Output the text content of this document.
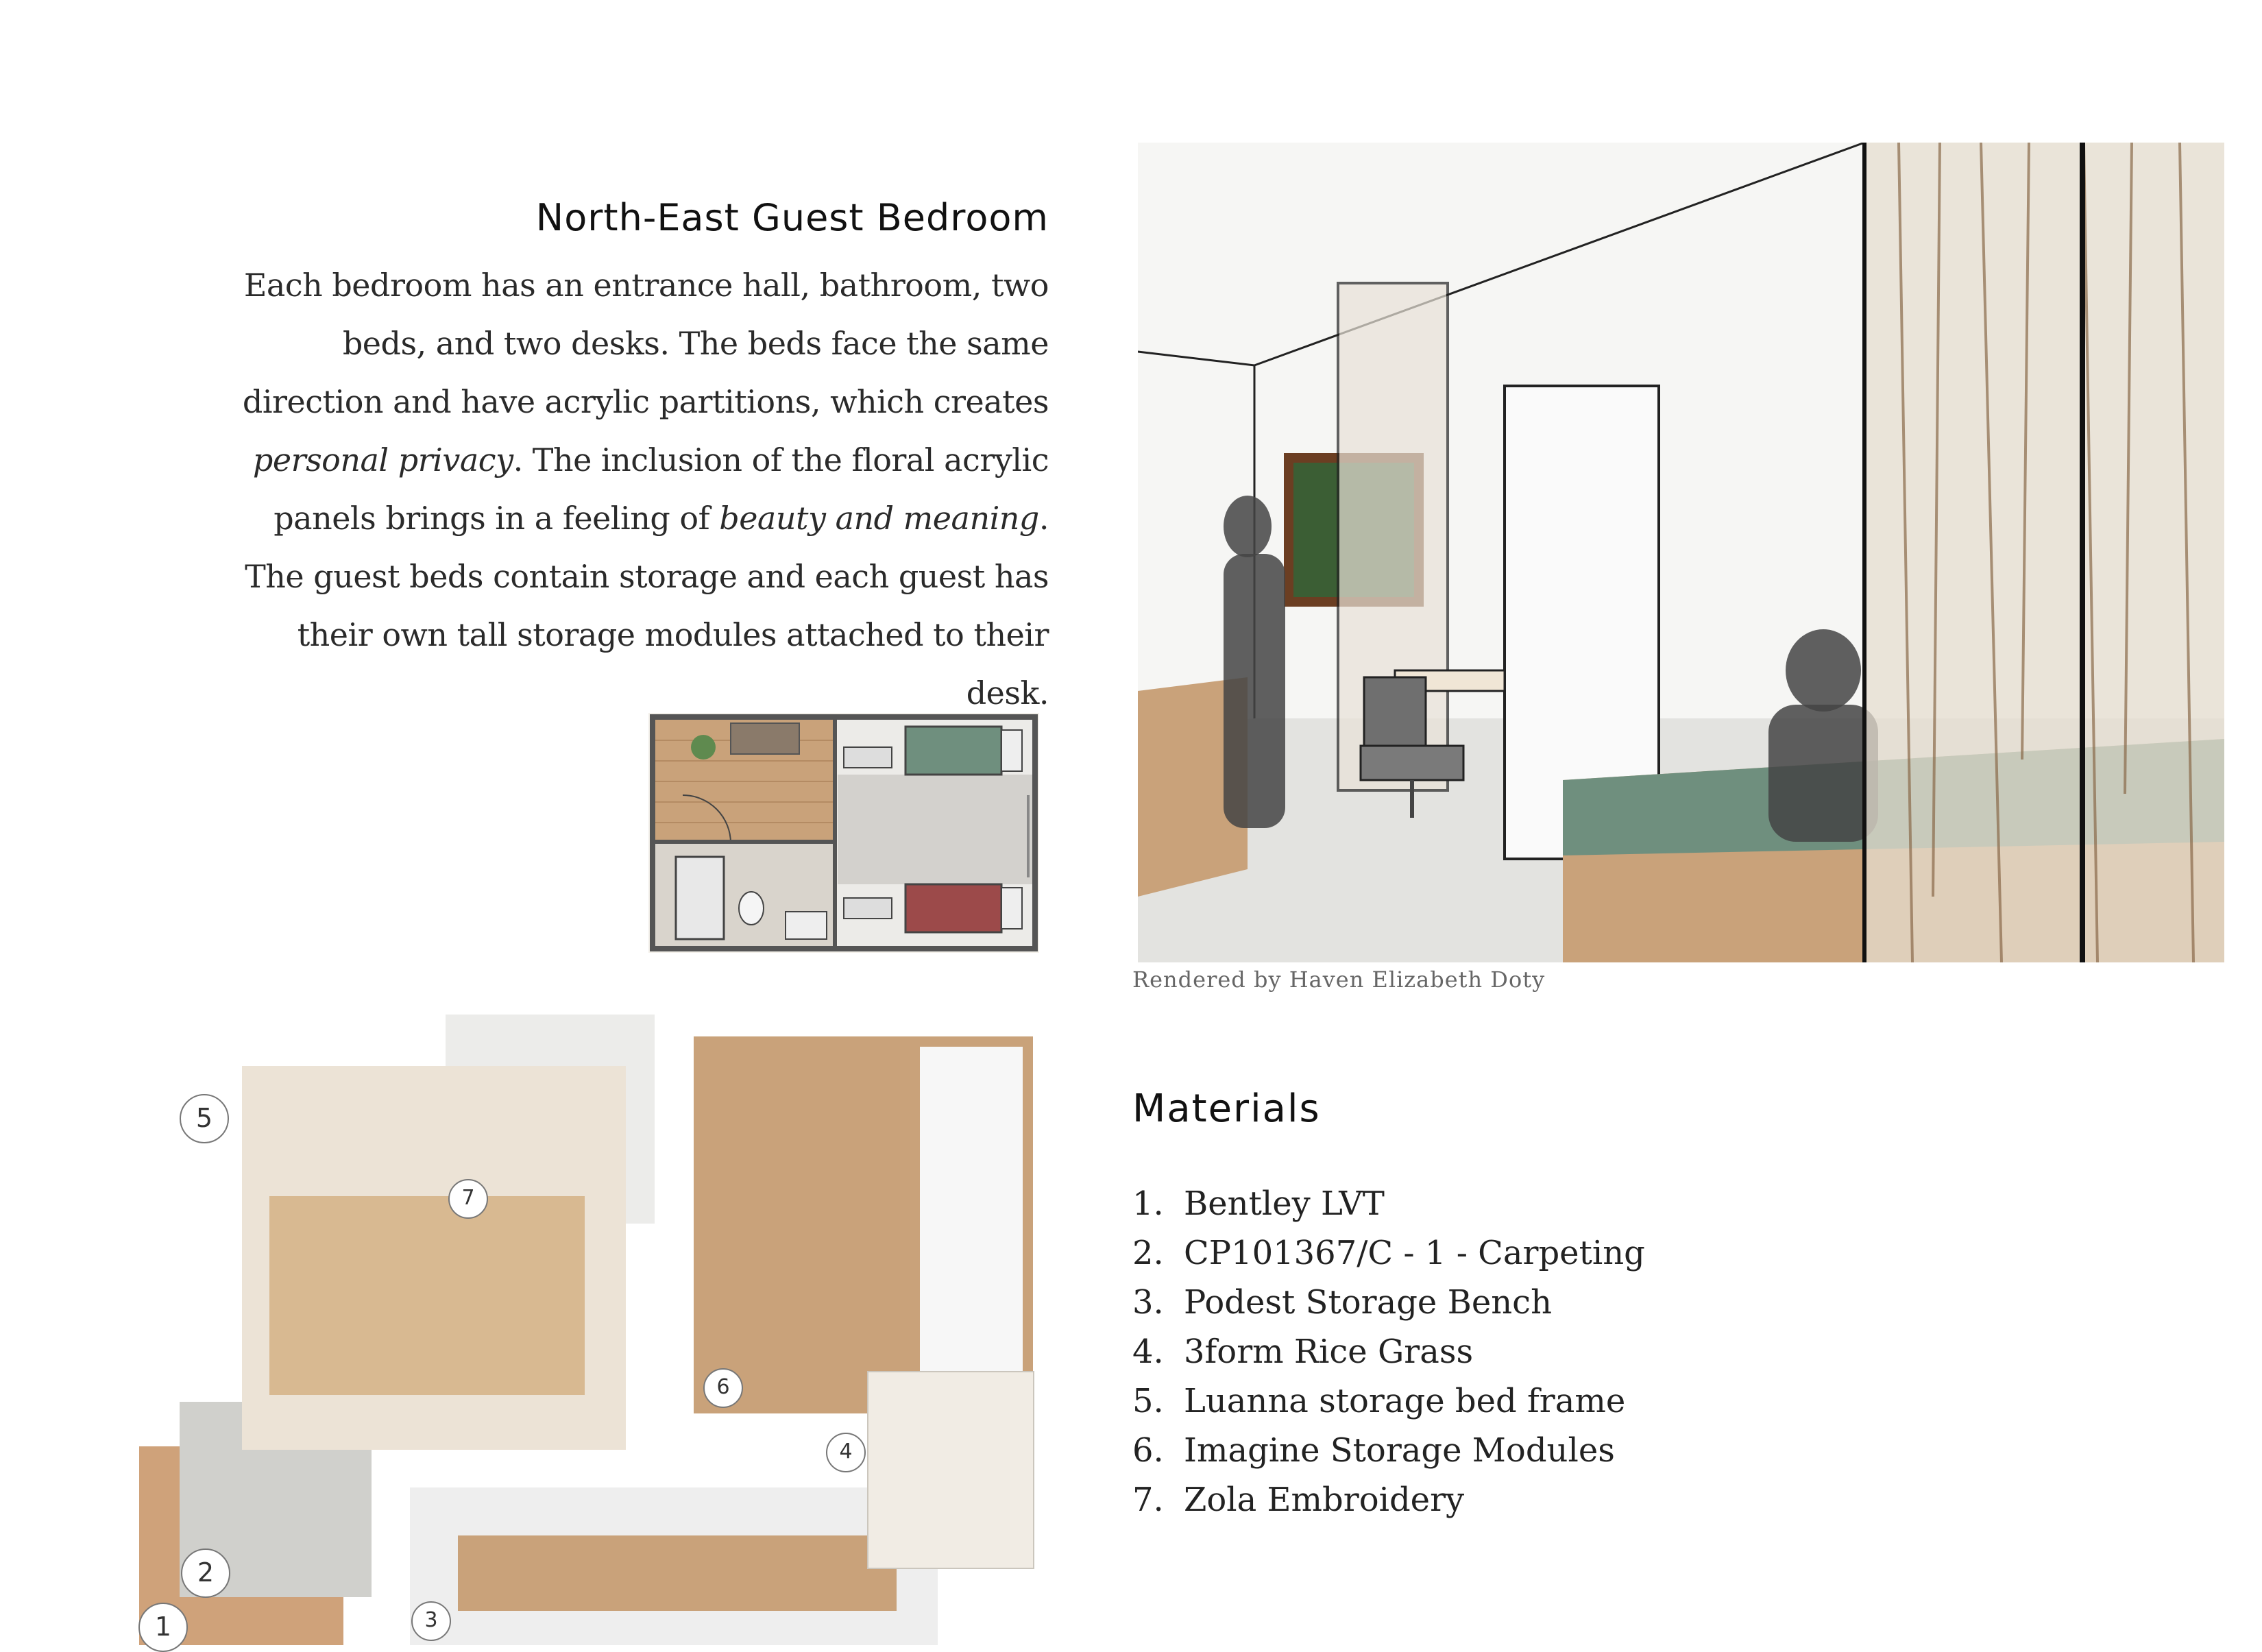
North-East Guest Bedroom
Each bedroom has an entrance hall, bathroom, two beds, and two desks. The beds face the same direction and have acrylic partitions, which creates personal privacy. The inclusion of the floral acrylic panels brings in a feeling of beauty and meaning. The guest beds contain storage and each guest has their own tall storage modules attached to their desk.
Rendered by Haven Elizabeth Doty
1
2
3
4
5
6
7
Materials
1. Bentley LVT
2. CP101367/C - 1 - Carpeting
3. Podest Storage Bench
4. 3form Rice Grass
5. Luanna storage bed frame
6. Imagine Storage Modules
7. Zola Embroidery
